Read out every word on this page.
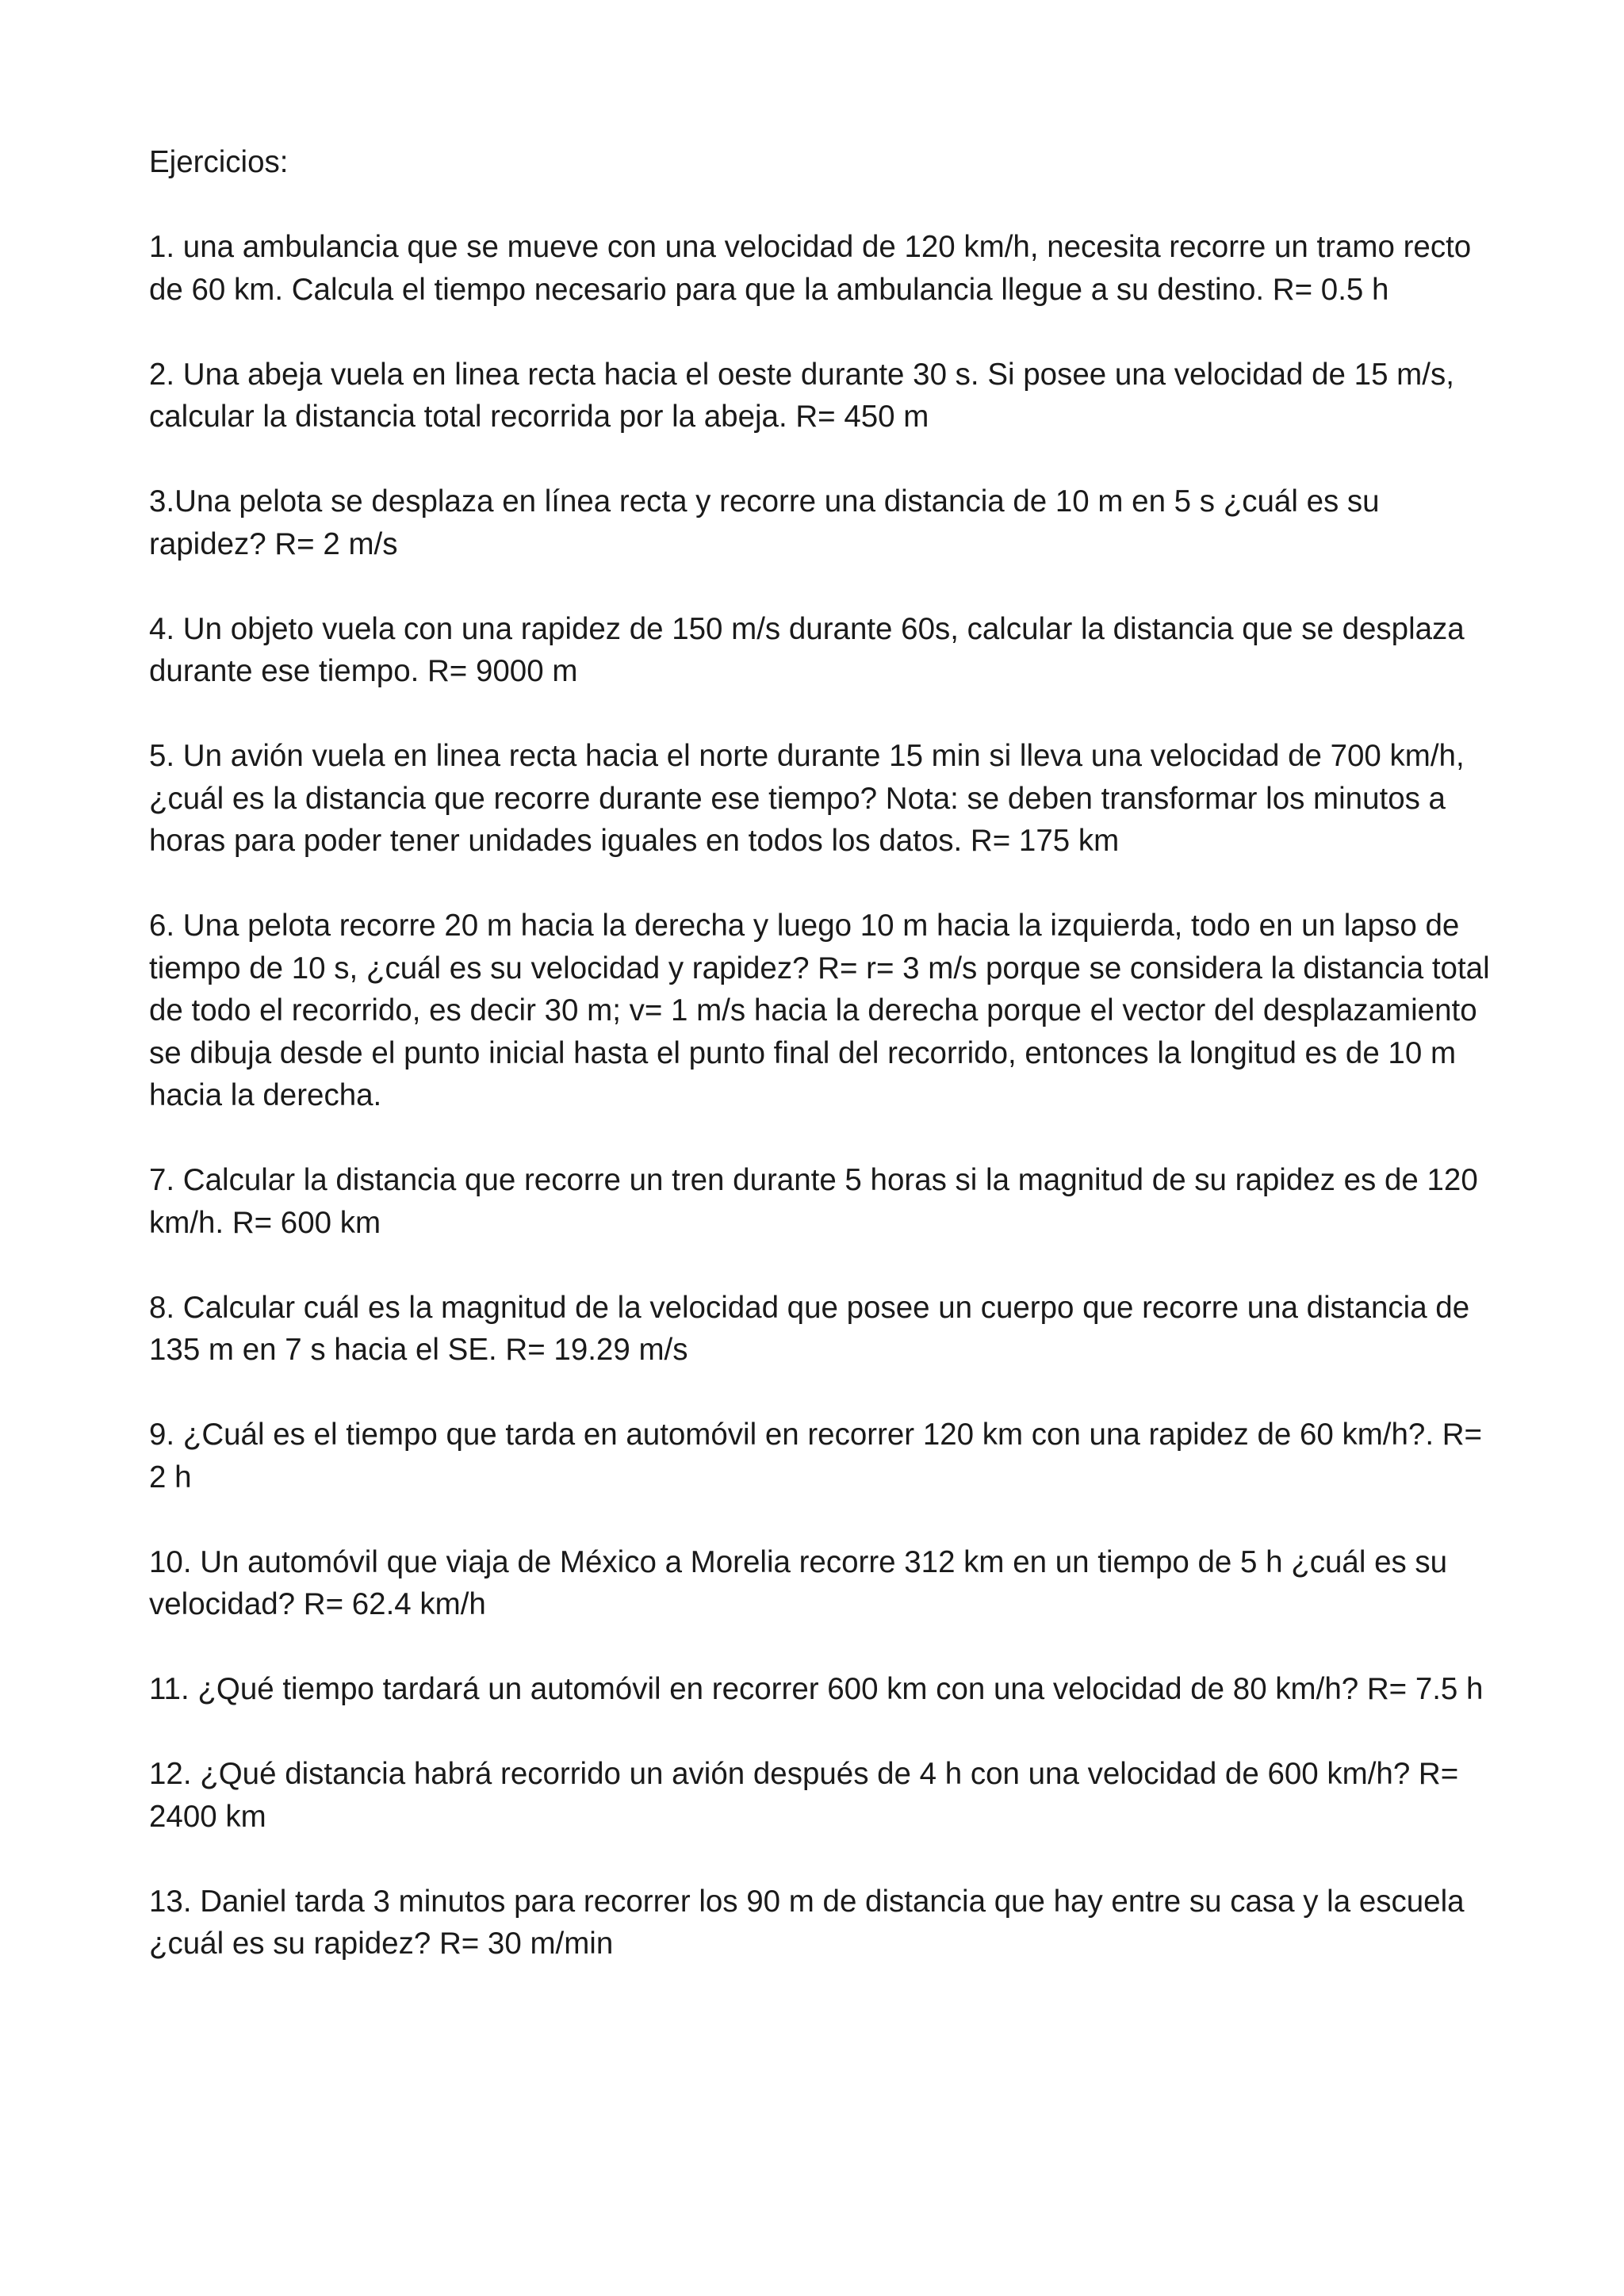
Ejercicios:
1. una ambulancia que se mueve con una velocidad de 120 km/h, necesita recorre un tramo recto
de 60 km. Calcula el tiempo necesario para que la ambulancia llegue a su destino. R= 0.5 h
2. Una abeja vuela en linea recta hacia el oeste durante 30 s. Si posee una velocidad de 15 m/s,
calcular la distancia total recorrida por la abeja. R= 450 m
3.Una pelota se desplaza en línea recta y recorre una distancia de 10 m en 5 s ¿cuál es su
rapidez? R= 2 m/s
4. Un objeto vuela con una rapidez de 150 m/s durante 60s, calcular la distancia que se desplaza
durante ese tiempo. R= 9000 m
5. Un avión vuela en linea recta hacia el norte durante 15 min si lleva una velocidad de 700 km/h,
¿cuál es la distancia que recorre durante ese tiempo? Nota: se deben transformar los minutos a
horas para poder tener unidades iguales en todos los datos. R= 175 km
6. Una pelota recorre 20 m hacia la derecha y luego 10 m hacia la izquierda, todo en un lapso de
tiempo de 10 s, ¿cuál es su velocidad y rapidez? R= r= 3 m/s porque se considera la distancia total
de todo el recorrido, es decir 30 m; v= 1 m/s hacia la derecha porque el vector del desplazamiento
se dibuja desde el punto inicial hasta el punto final del recorrido, entonces la longitud es de 10 m
hacia la derecha.
7. Calcular la distancia que recorre un tren durante 5 horas si la magnitud de su rapidez es de 120
km/h. R= 600 km
8. Calcular cuál es la magnitud de la velocidad que posee un cuerpo que recorre una distancia de
135 m en 7 s hacia el SE. R= 19.29 m/s
9. ¿Cuál es el tiempo que tarda en automóvil en recorrer 120 km con una rapidez de 60 km/h?. R=
2 h
10. Un automóvil que viaja de México a Morelia recorre 312 km en un tiempo de 5 h ¿cuál es su
velocidad? R= 62.4 km/h
11. ¿Qué tiempo tardará un automóvil en recorrer 600 km con una velocidad de 80 km/h? R= 7.5 h
12. ¿Qué distancia habrá recorrido un avión después de 4 h con una velocidad de 600 km/h? R=
2400 km
13. Daniel tarda 3 minutos para recorrer los 90 m de distancia que hay entre su casa y la escuela
¿cuál es su rapidez? R= 30 m/min
